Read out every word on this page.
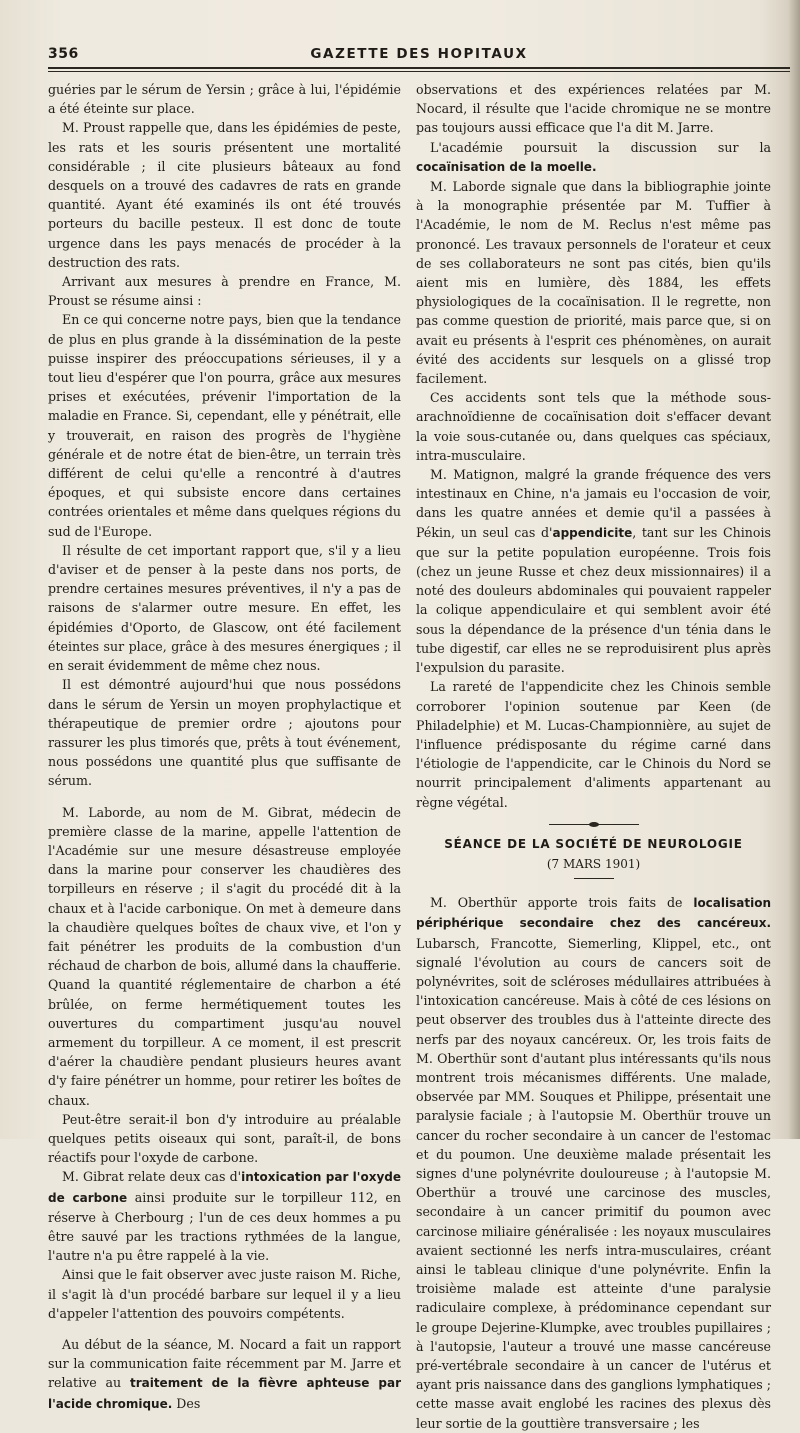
356	GAZETTE DES HOPITAUX

guéries par le sérum de Yersin ; grâce à lui, l'épidémie a été éteinte sur place.

M. Proust rappelle que, dans les épidémies de peste, les rats et les souris présentent une mortalité considérable ; il cite plusieurs bâteaux au fond desquels on a trouvé des cadavres de rats en grande quantité. Ayant été examinés ils ont été trouvés porteurs du bacille pesteux. Il est donc de toute urgence dans les pays menacés de procéder à la destruction des rats.

Arrivant aux mesures à prendre en France, M. Proust se résume ainsi :

En ce qui concerne notre pays, bien que la tendance de plus en plus grande à la dissémination de la peste puisse inspirer des préoccupations sérieuses, il y a tout lieu d'espérer que l'on pourra, grâce aux mesures prises et exécutées, prévenir l'importation de la maladie en France. Si, cependant, elle y pénétrait, elle y trouverait, en raison des progrès de l'hygiène générale et de notre état de bien-être, un terrain très différent de celui qu'elle a rencontré à d'autres époques, et qui subsiste encore dans certaines contrées orientales et même dans quelques régions du sud de l'Europe.

Il résulte de cet important rapport que, s'il y a lieu d'aviser et de penser à la peste dans nos ports, de prendre certaines mesures préventives, il n'y a pas de raisons de s'alarmer outre mesure. En effet, les épidémies d'Oporto, de Glascow, ont été facilement éteintes sur place, grâce à des mesures énergiques ; il en serait évidemment de même chez nous.

Il est démontré aujourd'hui que nous possédons dans le sérum de Yersin un moyen prophylactique et thérapeutique de premier ordre ; ajoutons pour rassurer les plus timorés que, prêts à tout événement, nous possédons une quantité plus que suffisante de sérum.

M. Laborde, au nom de M. Gibrat, médecin de première classe de la marine, appelle l'attention de l'Académie sur une mesure désastreuse employée dans la marine pour conserver les chaudières des torpilleurs en réserve ; il s'agit du procédé dit à la chaux et à l'acide carbonique. On met à demeure dans la chaudière quelques boîtes de chaux vive, et l'on y fait pénétrer les produits de la combustion d'un réchaud de charbon de bois, allumé dans la chaufferie. Quand la quantité réglementaire de charbon a été brûlée, on ferme hermétiquement toutes les ouvertures du compartiment jusqu'au nouvel armement du torpilleur. A ce moment, il est prescrit d'aérer la chaudière pendant plusieurs heures avant d'y faire pénétrer un homme, pour retirer les boîtes de chaux.

Peut-être serait-il bon d'y introduire au préalable quelques petits oiseaux qui sont, paraît-il, de bons réactifs pour l'oxyde de carbone.

M. Gibrat relate deux cas d'intoxication par l'oxyde de carbone ainsi produite sur le torpilleur 112, en réserve à Cherbourg ; l'un de ces deux hommes a pu être sauvé par les tractions rythmées de la langue, l'autre n'a pu être rappelé à la vie.

Ainsi que le fait observer avec juste raison M. Riche, il s'agit là d'un procédé barbare sur lequel il y a lieu d'appeler l'attention des pouvoirs compétents.

Au début de la séance, M. Nocard a fait un rapport sur la communication faite récemment par M. Jarre et relative au traitement de la fièvre aphteuse par l'acide chromique. Des

observations et des expériences relatées par M. Nocard, il résulte que l'acide chromique ne se montre pas toujours aussi efficace que l'a dit M. Jarre.

L'académie poursuit la discussion sur la cocaïnisation de la moelle.

M. Laborde signale que dans la bibliographie jointe à la monographie présentée par M. Tuffier à l'Académie, le nom de M. Reclus n'est même pas prononcé. Les travaux personnels de l'orateur et ceux de ses collaborateurs ne sont pas cités, bien qu'ils aient mis en lumière, dès 1884, les effets physiologiques de la cocaïnisation. Il le regrette, non pas comme question de priorité, mais parce que, si on avait eu présents à l'esprit ces phénomènes, on aurait évité des accidents sur lesquels on a glissé trop facilement.

Ces accidents sont tels que la méthode sous-arachnoïdienne de cocaïnisation doit s'effacer devant la voie sous-cutanée ou, dans quelques cas spéciaux, intra-musculaire.

M. Matignon, malgré la grande fréquence des vers intestinaux en Chine, n'a jamais eu l'occasion de voir, dans les quatre années et demie qu'il a passées à Pékin, un seul cas d'appendicite, tant sur les Chinois que sur la petite population européenne. Trois fois (chez un jeune Russe et chez deux missionnaires) il a noté des douleurs abdominales qui pouvaient rappeler la colique appendiculaire et qui semblent avoir été sous la dépendance de la présence d'un ténia dans le tube digestif, car elles ne se reproduisirent plus après l'expulsion du parasite.

La rareté de l'appendicite chez les Chinois semble corroborer l'opinion soutenue par Keen (de Philadelphie) et M. Lucas-Championnière, au sujet de l'influence prédisposante du régime carné dans l'étiologie de l'appendicite, car le Chinois du Nord se nourrit principalement d'aliments appartenant au règne végétal.

SÉANCE DE LA SOCIÉTÉ DE NEUROLOGIE
(7 MARS 1901)

M. Oberthür apporte trois faits de localisation périphérique secondaire chez des cancéreux. Lubarsch, Francotte, Siemerling, Klippel, etc., ont signalé l'évolution au cours de cancers soit de polynévrites, soit de scléroses médullaires attribuées à l'intoxication cancéreuse. Mais à côté de ces lésions on peut observer des troubles dus à l'atteinte directe des nerfs par des noyaux cancéreux. Or, les trois faits de M. Oberthür sont d'autant plus intéressants qu'ils nous montrent trois mécanismes différents. Une malade, observée par MM. Souques et Philippe, présentait une paralysie faciale ; à l'autopsie M. Oberthür trouve un cancer du rocher secondaire à un cancer de l'estomac et du poumon. Une deuxième malade présentait les signes d'une polynévrite douloureuse ; à l'autopsie M. Oberthür a trouvé une carcinose des muscles, secondaire à un cancer primitif du poumon avec carcinose miliaire généralisée : les noyaux musculaires avaient sectionné les nerfs intra-musculaires, créant ainsi le tableau clinique d'une polynévrite. Enfin la troisième malade est atteinte d'une paralysie radiculaire complexe, à prédominance cependant sur le groupe Dejerine-Klumpke, avec troubles pupillaires ; à l'autopsie, l'auteur a trouvé une masse cancéreuse pré-vertébrale secondaire à un cancer de l'utérus et ayant pris naissance dans des ganglions lymphatiques ; cette masse avait englobé les racines des plexus dès leur sortie de la gouttière transversaire ; les
